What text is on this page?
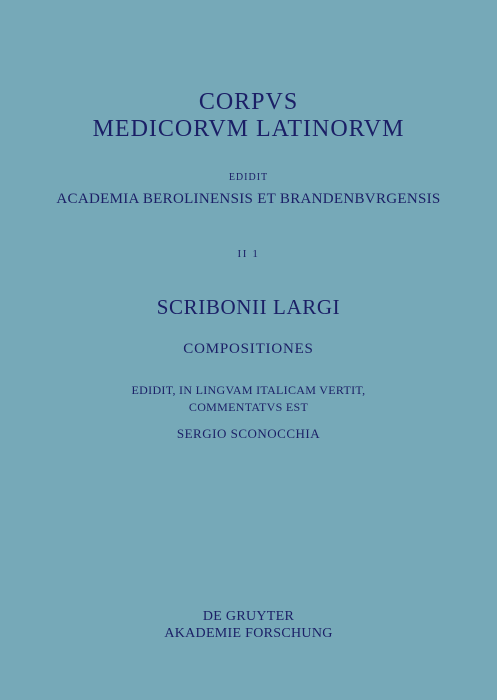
CORPVS
MEDICORVM LATINORVM
EDIDIT
ACADEMIA BEROLINENSIS ET BRANDENBVRGENSIS
II 1
SCRIBONII LARGI
COMPOSITIONES
EDIDIT, IN LINGVAM ITALICAM VERTIT,
COMMENTATVS EST
SERGIO SCONOCCHIA
DE GRUYTER
AKADEMIE FORSCHUNG
